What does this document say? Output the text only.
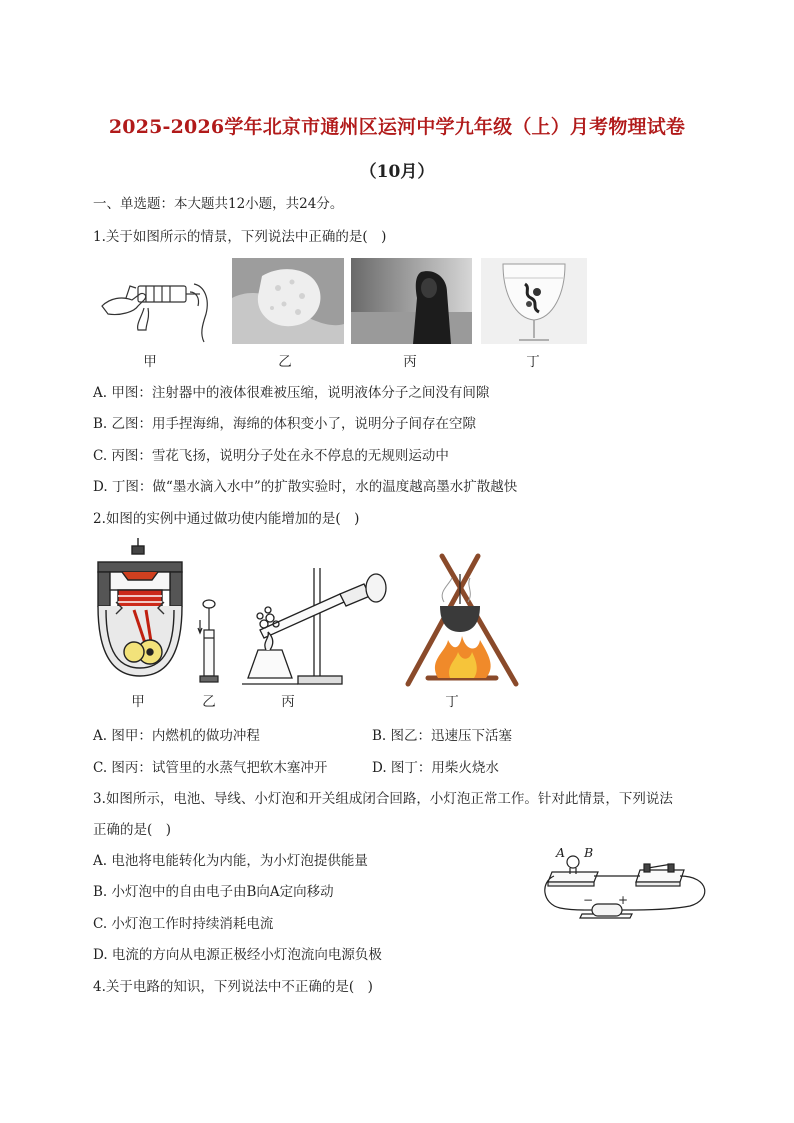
2025-2026学年北京市通州区运河中学九年级（上）月考物理试卷
（10月）
一、单选题：本大题共12小题，共24分。
1.关于如图所示的情景，下列说法中正确的是(　)
甲	乙	丙	丁
A. 甲图：注射器中的液体很难被压缩，说明液体分子之间没有间隙
B. 乙图：用手捏海绵，海绵的体积变小了，说明分子间存在空隙
C. 丙图：雪花飞扬，说明分子处在永不停息的无规则运动中
D. 丁图：做“墨水滴入水中”的扩散实验时，水的温度越高墨水扩散越快
2.如图的实例中通过做功使内能增加的是(　)
甲	乙	丙	丁
A. 图甲：内燃机的做功冲程	B. 图乙：迅速压下活塞
C. 图丙：试管里的水蒸气把软木塞冲开	D. 图丁：用柴火烧水
3.如图所示，电池、导线、小灯泡和开关组成闭合回路，小灯泡正常工作。针对此情景，下列说法
正确的是(　)
A. 电池将电能转化为内能，为小灯泡提供能量
B. 小灯泡中的自由电子由B向A定向移动
C. 小灯泡工作时持续消耗电流
D. 电流的方向从电源正极经小灯泡流向电源负极
A B
− +
4.关于电路的知识，下列说法中不正确的是(　)
